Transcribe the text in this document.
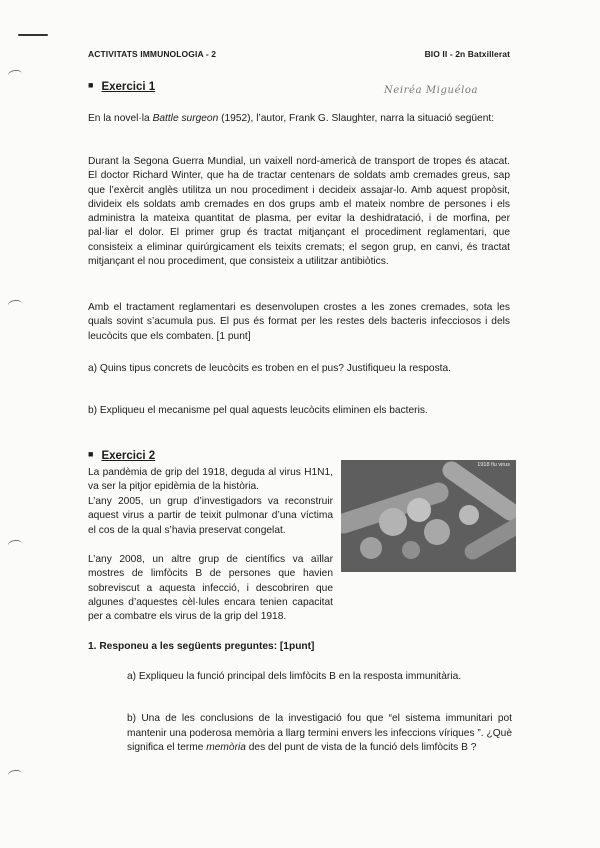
ACTIVITATS IMMUNOLOGIA - 2	BIO II - 2n Batxillerat
■ Exercici 1	Neiréa Miguéloa
En la novel·la Battle surgeon (1952), l’autor, Frank G. Slaughter, narra la situació següent:
Durant la Segona Guerra Mundial, un vaixell nord-americà de transport de tropes és atacat. El doctor Richard Winter, que ha de tractar centenars de soldats amb cremades greus, sap que l’exèrcit anglès utilitza un nou procediment i decideix assajar-lo. Amb aquest propòsit, divideix els soldats amb cremades en dos grups amb el mateix nombre de persones i els administra la mateixa quantitat de plasma, per evitar la deshidratació, i de morfina, per pal·liar el dolor. El primer grup és tractat mitjançant el procediment reglamentari, que consisteix a eliminar quirúrgicament els teixits cremats; el segon grup, en canvi, és tractat mitjançant el nou procediment, que consisteix a utilitzar antibiòtics.
Amb el tractament reglamentari es desenvolupen crostes a les zones cremades, sota les quals sovint s’acumula pus. El pus és format per les restes dels bacteris infecciosos i dels leucòcits que els combaten. [1 punt]
a) Quins tipus concrets de leucòcits es troben en el pus? Justifiqueu la resposta.
b) Expliqueu el mecanisme pel qual aquests leucòcits eliminen els bacteris.
■ Exercici 2
La pandèmia de grip del 1918, deguda al virus H1N1, va ser la pitjor epidèmia de la història.
L’any 2005, un grup d’investigadors va reconstruir aquest virus a partir de teixit pulmonar d’una víctima el cos de la qual s’havia preservat congelat.
L’any 2008, un altre grup de científics va aïllar mostres de limfòcits B de persones que havien sobreviscut a aquesta infecció, i descobriren que algunes d’aquestes cèl·lules encara tenien capacitat per a combatre els virus de la grip del 1918.
1918 flu virus
1. Responeu a les següents preguntes: [1punt]
a) Expliqueu la funció principal dels limfòcits B en la resposta immunitària.
b) Una de les conclusions de la investigació fou que “el sistema immunitari pot mantenir una poderosa memòria a llarg termini envers les infeccions víriques ”. ¿Què significa el terme memòria des del punt de vista de la funció dels limfòcits B ?
